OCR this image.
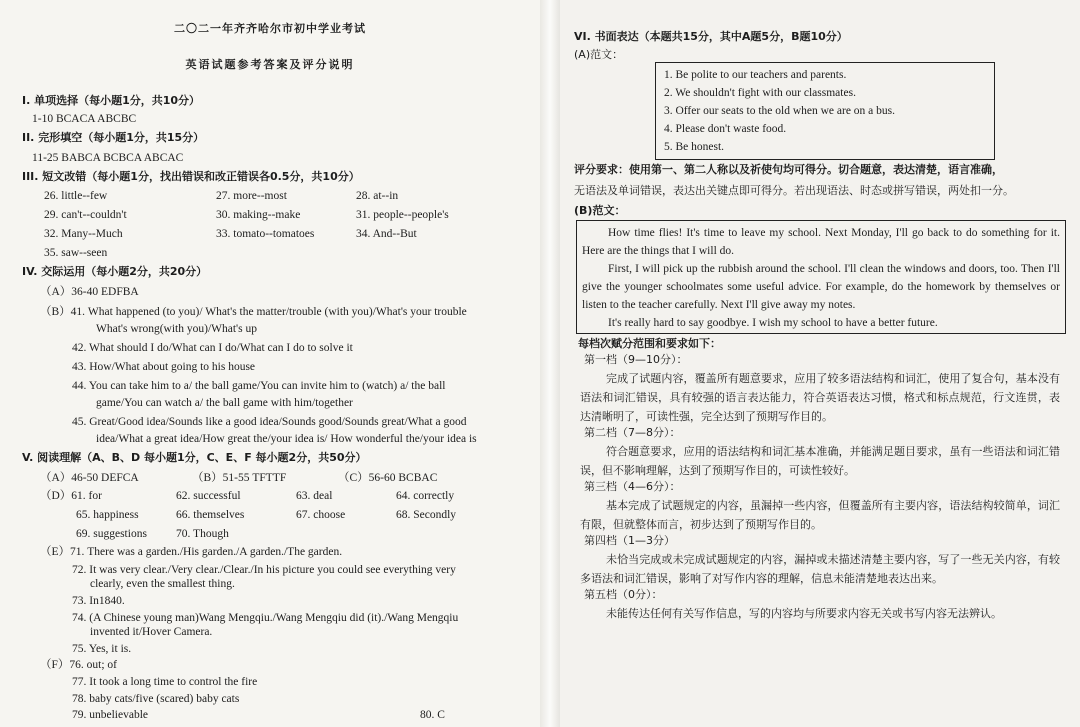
二〇二一年齐齐哈尔市初中学业考试
英语试题参考答案及评分说明
I. 单项选择（每小题1分，共10分）
1-10 BCACA ABCBC
II. 完形填空（每小题1分，共15分）
11-25 BABCA BCBCA ABCAC
III. 短文改错（每小题1分，找出错误和改正错误各0.5分，共10分）
26. little--few	27. more--most	28. at--in
29. can't--couldn't	30. making--make	31. people--people's
32. Many--Much	33. tomato--tomatoes	34. And--But
35. saw--seen
IV. 交际运用（每小题2分，共20分）
（A）36-40 EDFBA
（B）41. What happened (to you)/ What's the matter/trouble (with you)/What's your trouble
What's wrong(with you)/What's up
42. What should I do/What can I do/What can I do to solve it
43. How/What about going to his house
44. You can take him to a/ the ball game/You can invite him to (watch) a/ the ball
game/You can watch a/ the ball game with him/together
45. Great/Good idea/Sounds like a good idea/Sounds good/Sounds great/What a good
idea/What a great idea/How great the/your idea is/ How wonderful the/your idea is
V. 阅读理解（A、B、D 每小题1分，C、E、F 每小题2分，共50分）
（A）46-50 DEFCA	（B）51-55 TFTTF	（C）56-60 BCBAC
（D）61. for	62. successful	63. deal	64. correctly
65. happiness	66. themselves	67. choose	68. Secondly
69. suggestions	70. Though
（E）71. There was a garden./His garden./A garden./The garden.
72. It was very clear./Very clear./Clear./In his picture you could see everything very
clearly, even the smallest thing.
73. In1840.
74. (A Chinese young man)Wang Mengqiu./Wang Mengqiu did (it)./Wang Mengqiu
invented it/Hover Camera.
75. Yes, it is.
（F）76. out; of
77. It took a long time to control the fire
78. baby cats/five (scared) baby cats
79. unbelievable	80. C
VI. 书面表达（本题共15分，其中A题5分，B题10分）
(A)范文：
1. Be polite to our teachers and parents.
2. We shouldn't fight with our classmates.
3. Offer our seats to the old when we are on a bus.
4. Please don't waste food.
5. Be honest.
评分要求：使用第一、第二人称以及祈使句均可得分。切合题意，表达清楚，语言准确，
无语法及单词错误，表达出关键点即可得分。若出现语法、时态或拼写错误，两处扣一分。
(B)范文：
How time flies! It's time to leave my school. Next Monday, I'll go back to do something for it. Here are the things that I will do.
First, I will pick up the rubbish around the school. I'll clean the windows and doors, too. Then I'll give the younger schoolmates some useful advice. For example, do the homework by themselves or listen to the teacher carefully. Next I'll give away my notes.
It's really hard to say goodbye. I wish my school to have a better future.
每档次赋分范围和要求如下：
第一档（9—10分）：
完成了试题内容，覆盖所有题意要求，应用了较多语法结构和词汇，使用了复合句，基本没有语法和词汇错误，具有较强的语言表达能力，符合英语表达习惯，格式和标点规范，行文连贯，表达清晰明了，可读性强，完全达到了预期写作目的。
第二档（7—8分）：
符合题意要求，应用的语法结构和词汇基本准确，并能满足题目要求，虽有一些语法和词汇错误，但不影响理解，达到了预期写作目的，可读性较好。
第三档（4—6分）：
基本完成了试题规定的内容，虽漏掉一些内容，但覆盖所有主要内容，语法结构较简单，词汇有限，但就整体而言，初步达到了预期写作目的。
第四档（1—3分）
未恰当完成或未完成试题规定的内容，漏掉或未描述清楚主要内容，写了一些无关内容，有较多语法和词汇错误，影响了对写作内容的理解，信息未能清楚地表达出来。
第五档（0分）：
未能传达任何有关写作信息，写的内容均与所要求内容无关或书写内容无法辨认。
